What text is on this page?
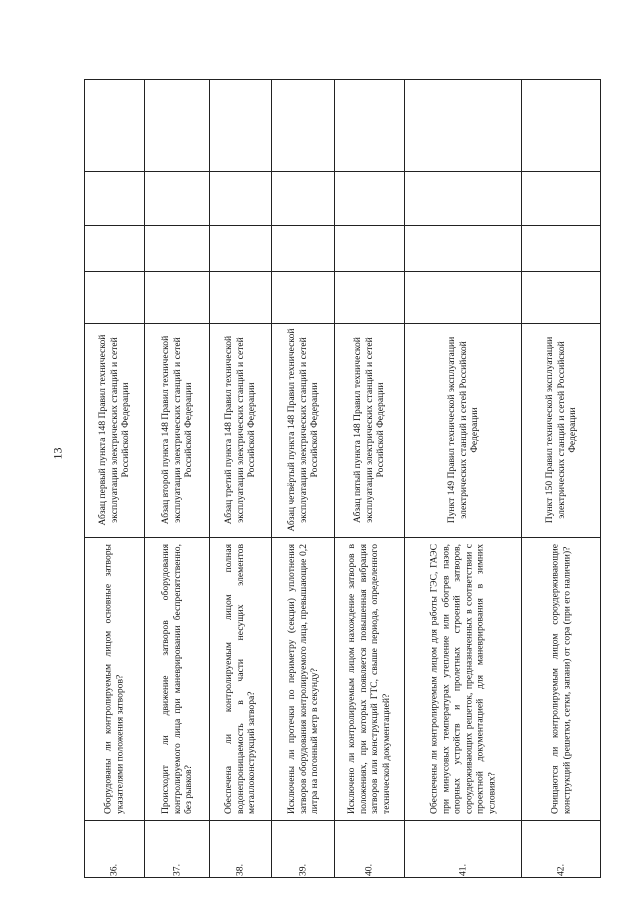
13
36.
Оборудованы ли контролируемым лицом основные затворы указателями положения затворов?
Абзац первый пункта 148 Правил технической эксплуатации электрических станций и сетей Российской Федерации
37.
Происходит ли движение затворов оборудования контролируемого лица при маневрировании беспрепятственно, без рывков?
Абзац второй пункта 148 Правил технической эксплуатации электрических станций и сетей Российской Федерации
38.
Обеспечена ли контролируемым лицом полная водонепроницаемость в части несущих элементов металлоконструкций затвора?
Абзац третий пункта 148 Правил технической эксплуатации электрических станций и сетей Российской Федерации
39.
Исключены ли протечки по периметру (секции) уплотнения затворов оборудования контролируемого лица, превышающие 0,2 литра на погонный метр в секунду?
Абзац четвёртый пункта 148 Правил технической эксплуатации электрических станций и сетей Российской Федерации
40.
Исключено ли контролируемым лицом нахождение затворов в положениях, при которых появляется повышенная вибрация затворов или конструкций ГТС, свыше периода, определенного технической документацией?
Абзац пятый пункта 148 Правил технической эксплуатации электрических станций и сетей Российской Федерации
41.
Обеспечены ли контролируемым лицом для работы ГЭС, ГАЭС при минусовых температурах утепление или обогрев пазов, опорных устройств и пролетных строений затворов, сороудерживающих решеток, предназначенных в соответствии с проектной документацией для маневрирования в зимних условиях?
Пункт 149 Правил технической эксплуатации электрических станций и сетей Российской Федерации
42.
Очищаются ли контролируемым лицом сороудерживающие конструкций (решетки, сетки, запани) от сора (при его наличии)?
Пункт 150 Правил технической эксплуатации электрических станций и сетей Российской Федерации
